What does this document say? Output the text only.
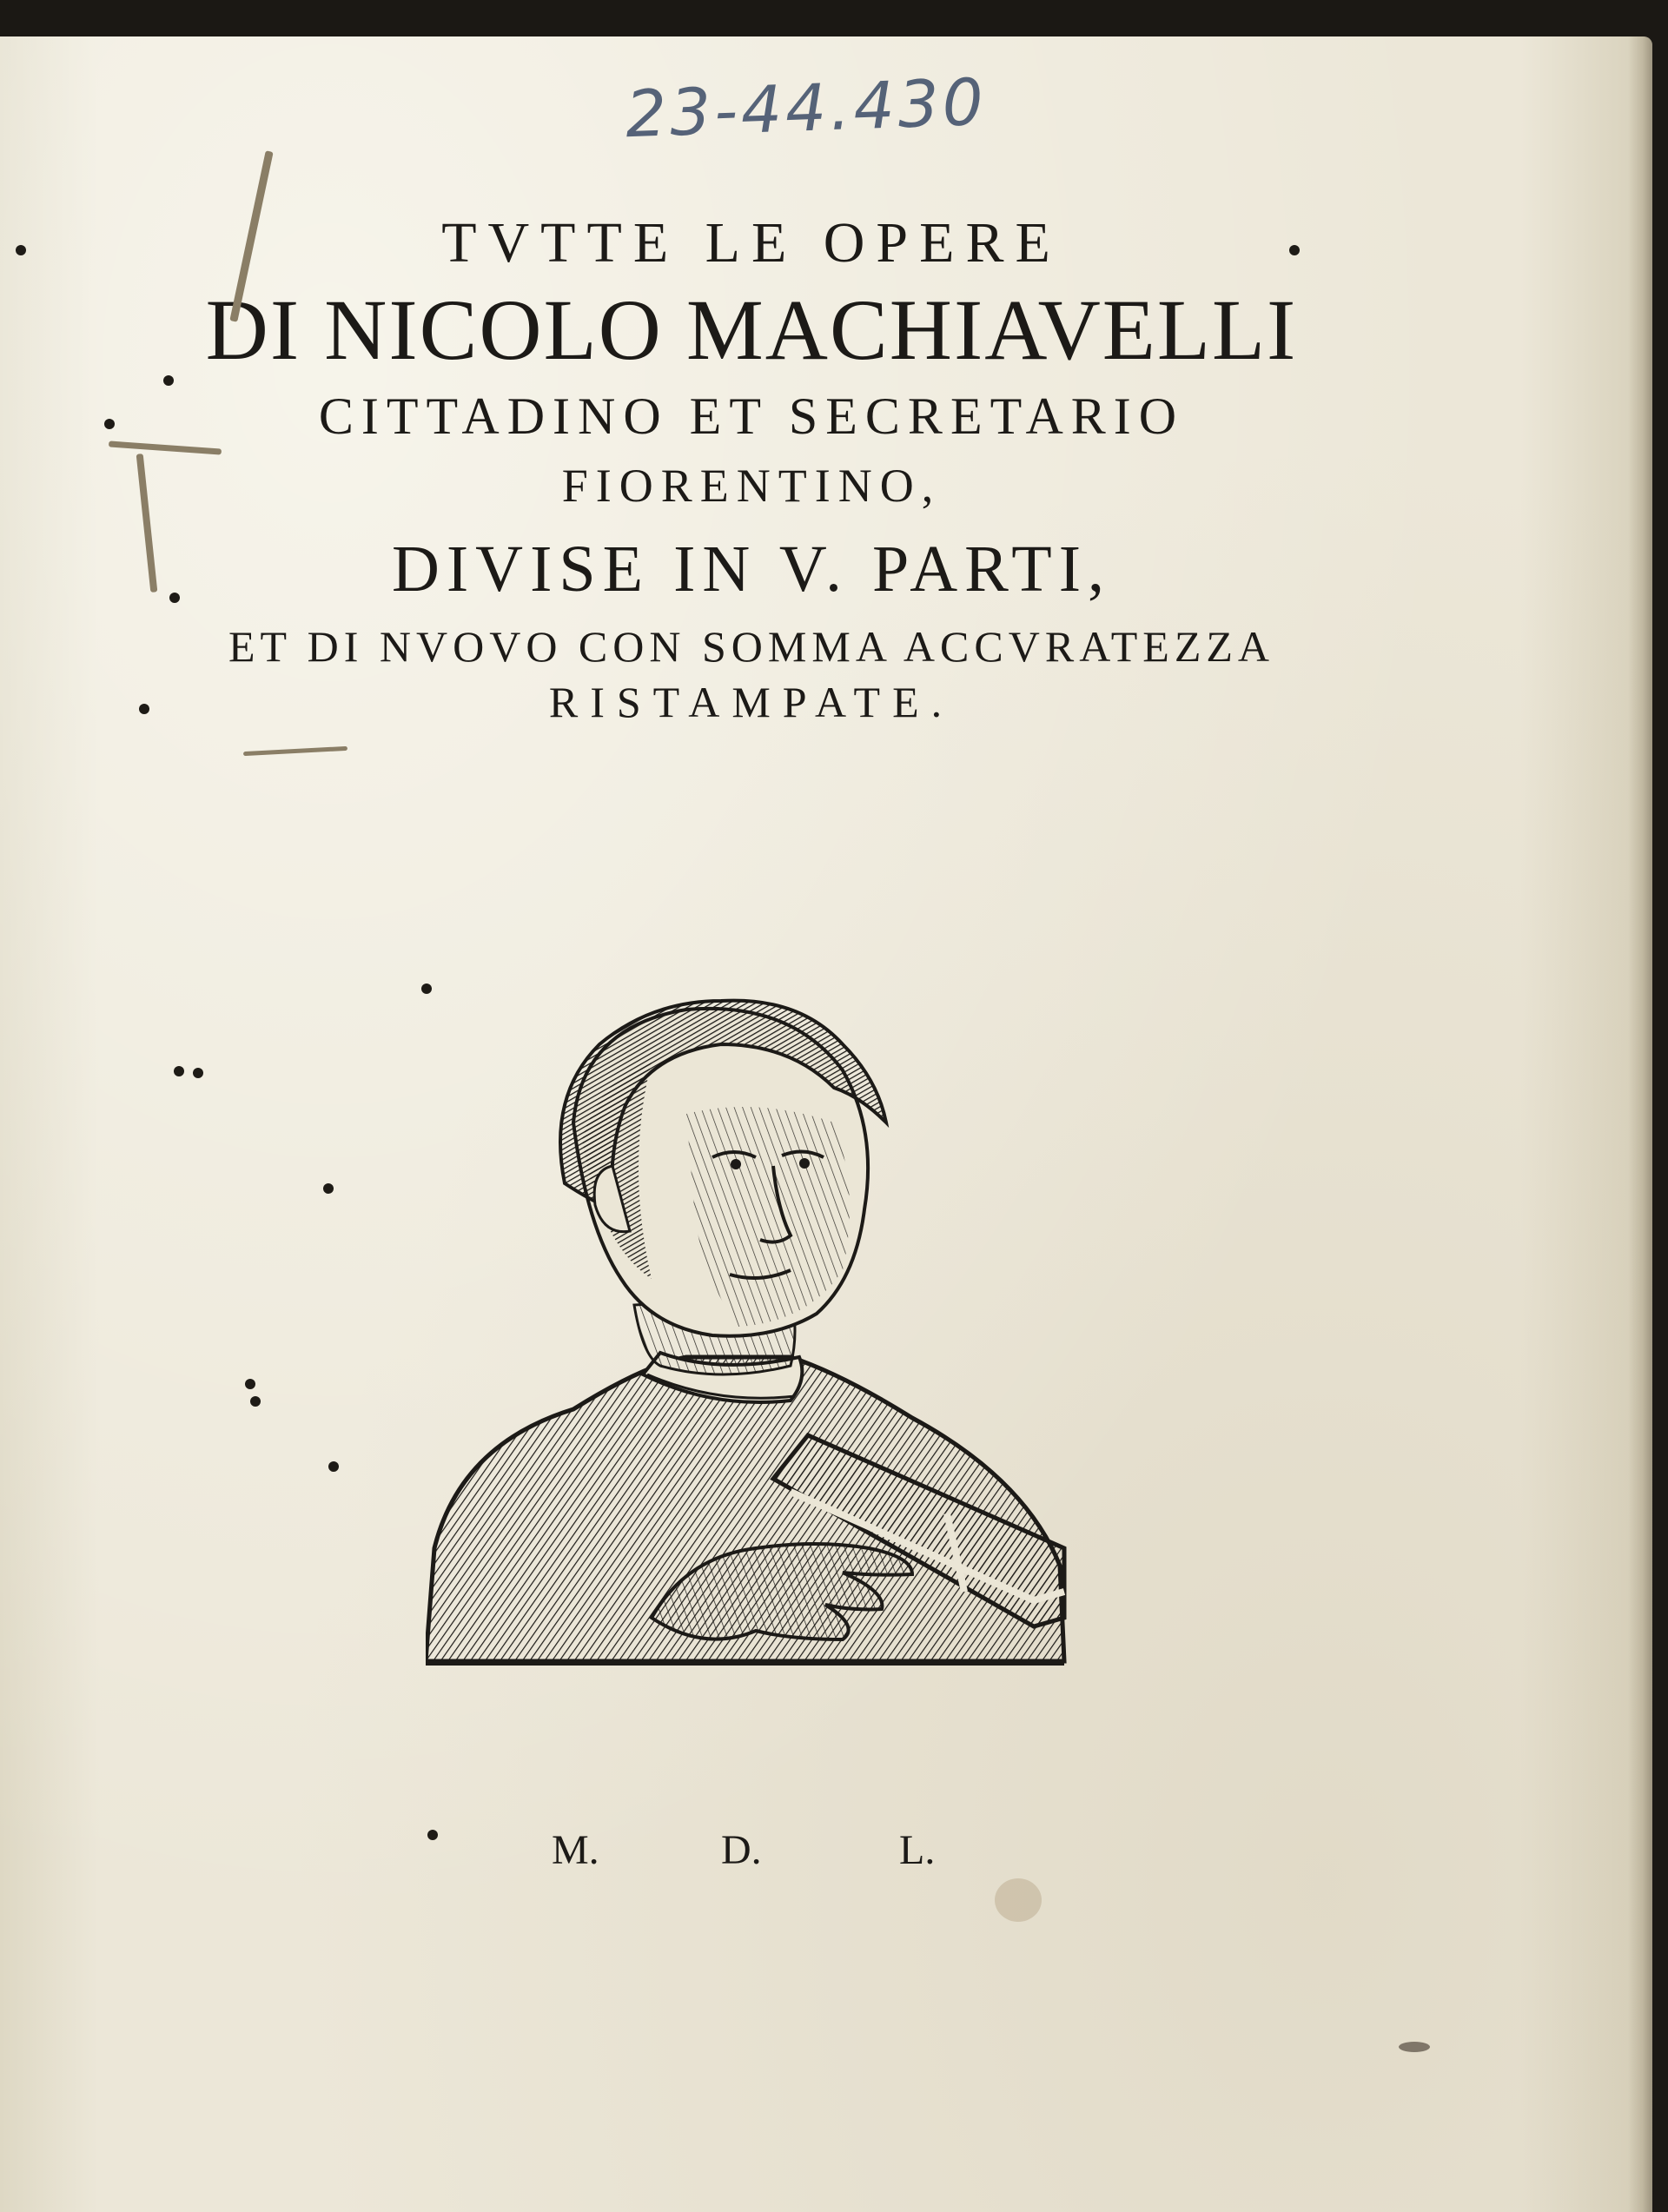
23-44.430
TVTTE LE OPERE
DI NICOLO MACHIAVELLI
CITTADINO ET SECRETARIO
FIORENTINO,
DIVISE IN V. PARTI,
ET DI NVOVO CON SOMMA ACCVRATEZZA
RISTAMPATE.
M.	D.	L.
